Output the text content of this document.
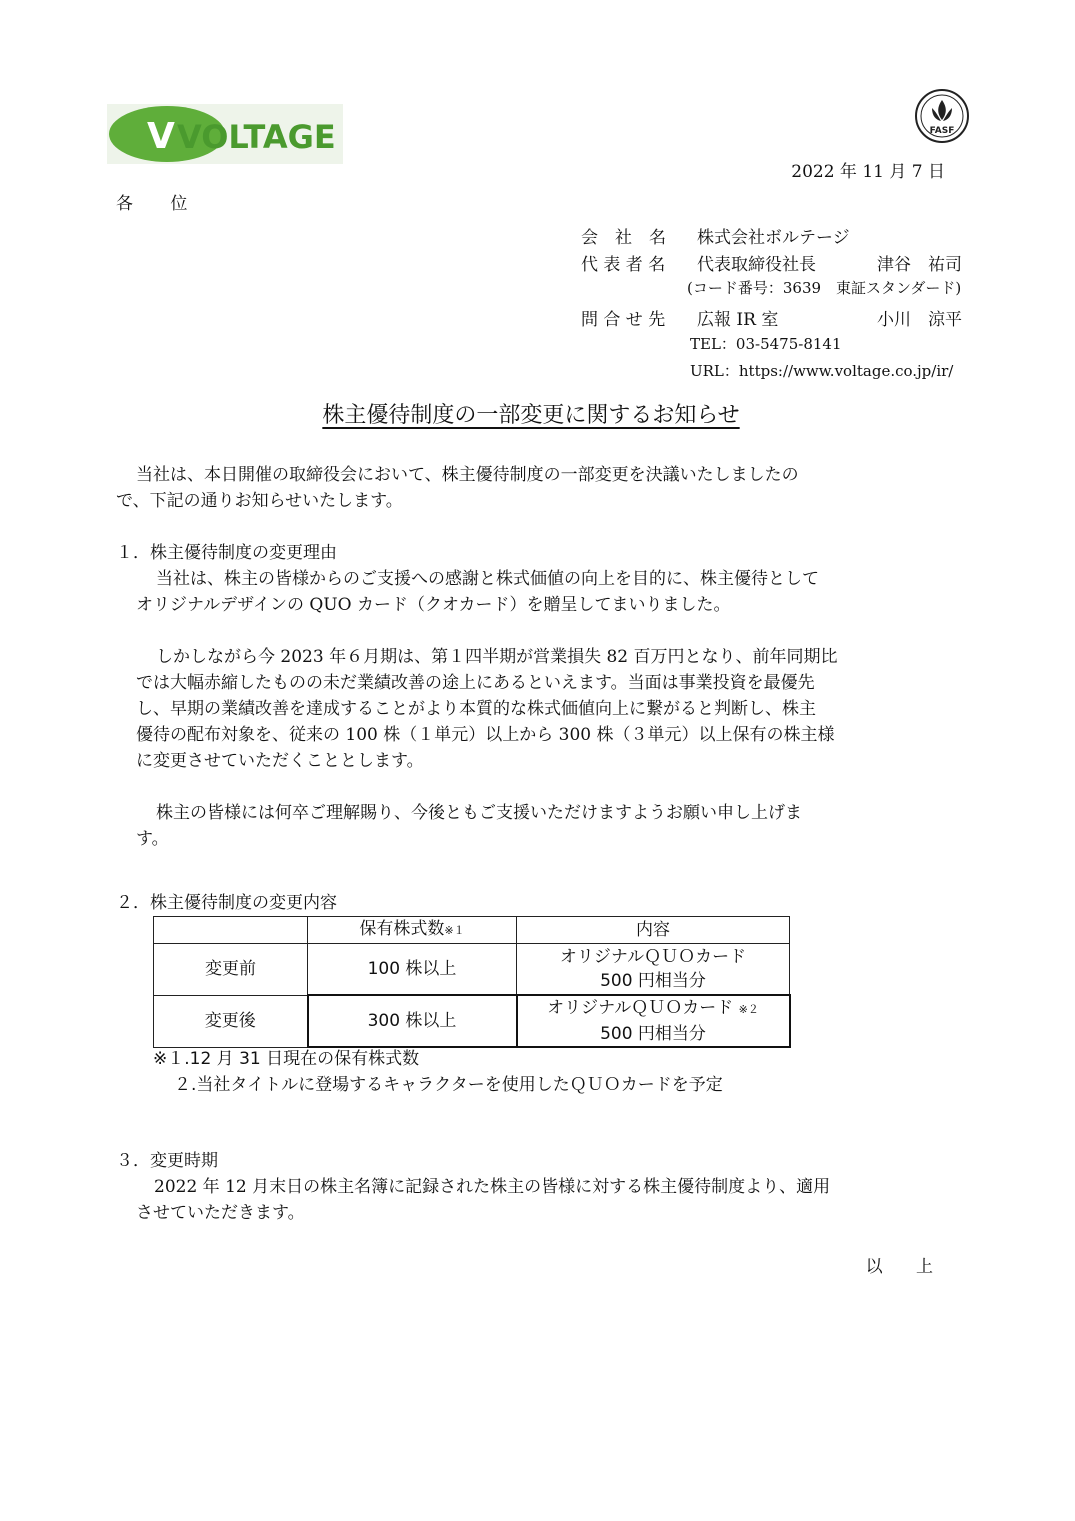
V VOLTAGE	FASF
2022 年 11 月 7 日
各 位
会　社　名 株式会社ボルテージ
代 表 者 名 代表取締役社長	津谷　祐司
(コード番号：3639　東証スタンダード)
問 合 せ 先 広報 IR 室	小川　涼平
TEL：03-5475-8141
URL：https://www.voltage.co.jp/ir/
株主優待制度の一部変更に関するお知らせ

当社は、本日開催の取締役会において、株主優待制度の一部変更を決議いたしましたの

で、下記の通りお知らせいたします。

１．株主優待制度の変更理由

当社は、株主の皆様からのご支援への感謝と株式価値の向上を目的に、株主優待として

オリジナルデザインの QUO カード（クオカード）を贈呈してまいりました。

しかしながら今 2023 年６月期は、第１四半期が営業損失 82 百万円となり、前年同期比

では大幅赤縮したものの未だ業績改善の途上にあるといえます。当面は事業投資を最優先

し、早期の業績改善を達成することがより本質的な株式価値向上に繋がると判断し、株主

優待の配布対象を、従来の 100 株（１単元）以上から 300 株（３単元）以上保有の株主様

に変更させていただくこととします。

株主の皆様には何卒ご理解賜り、今後ともご支援いただけますようお願い申し上げま

す。

２．株主優待制度の変更内容
	保有株式数※１	内容
変更前	100 株以上	オリジナルＱＵＯカード
500 円相当分

変更後	300 株以上	オリジナルＱＵＯカード ※２
500 円相当分
※１.12 月 31 日現在の保有株式数
２.当社タイトルに登場するキャラクターを使用したＱＵＯカードを予定

３．変更時期

2022 年 12 月末日の株主名簿に記録された株主の皆様に対する株主優待制度より、適用

させていただきます。

以 上
